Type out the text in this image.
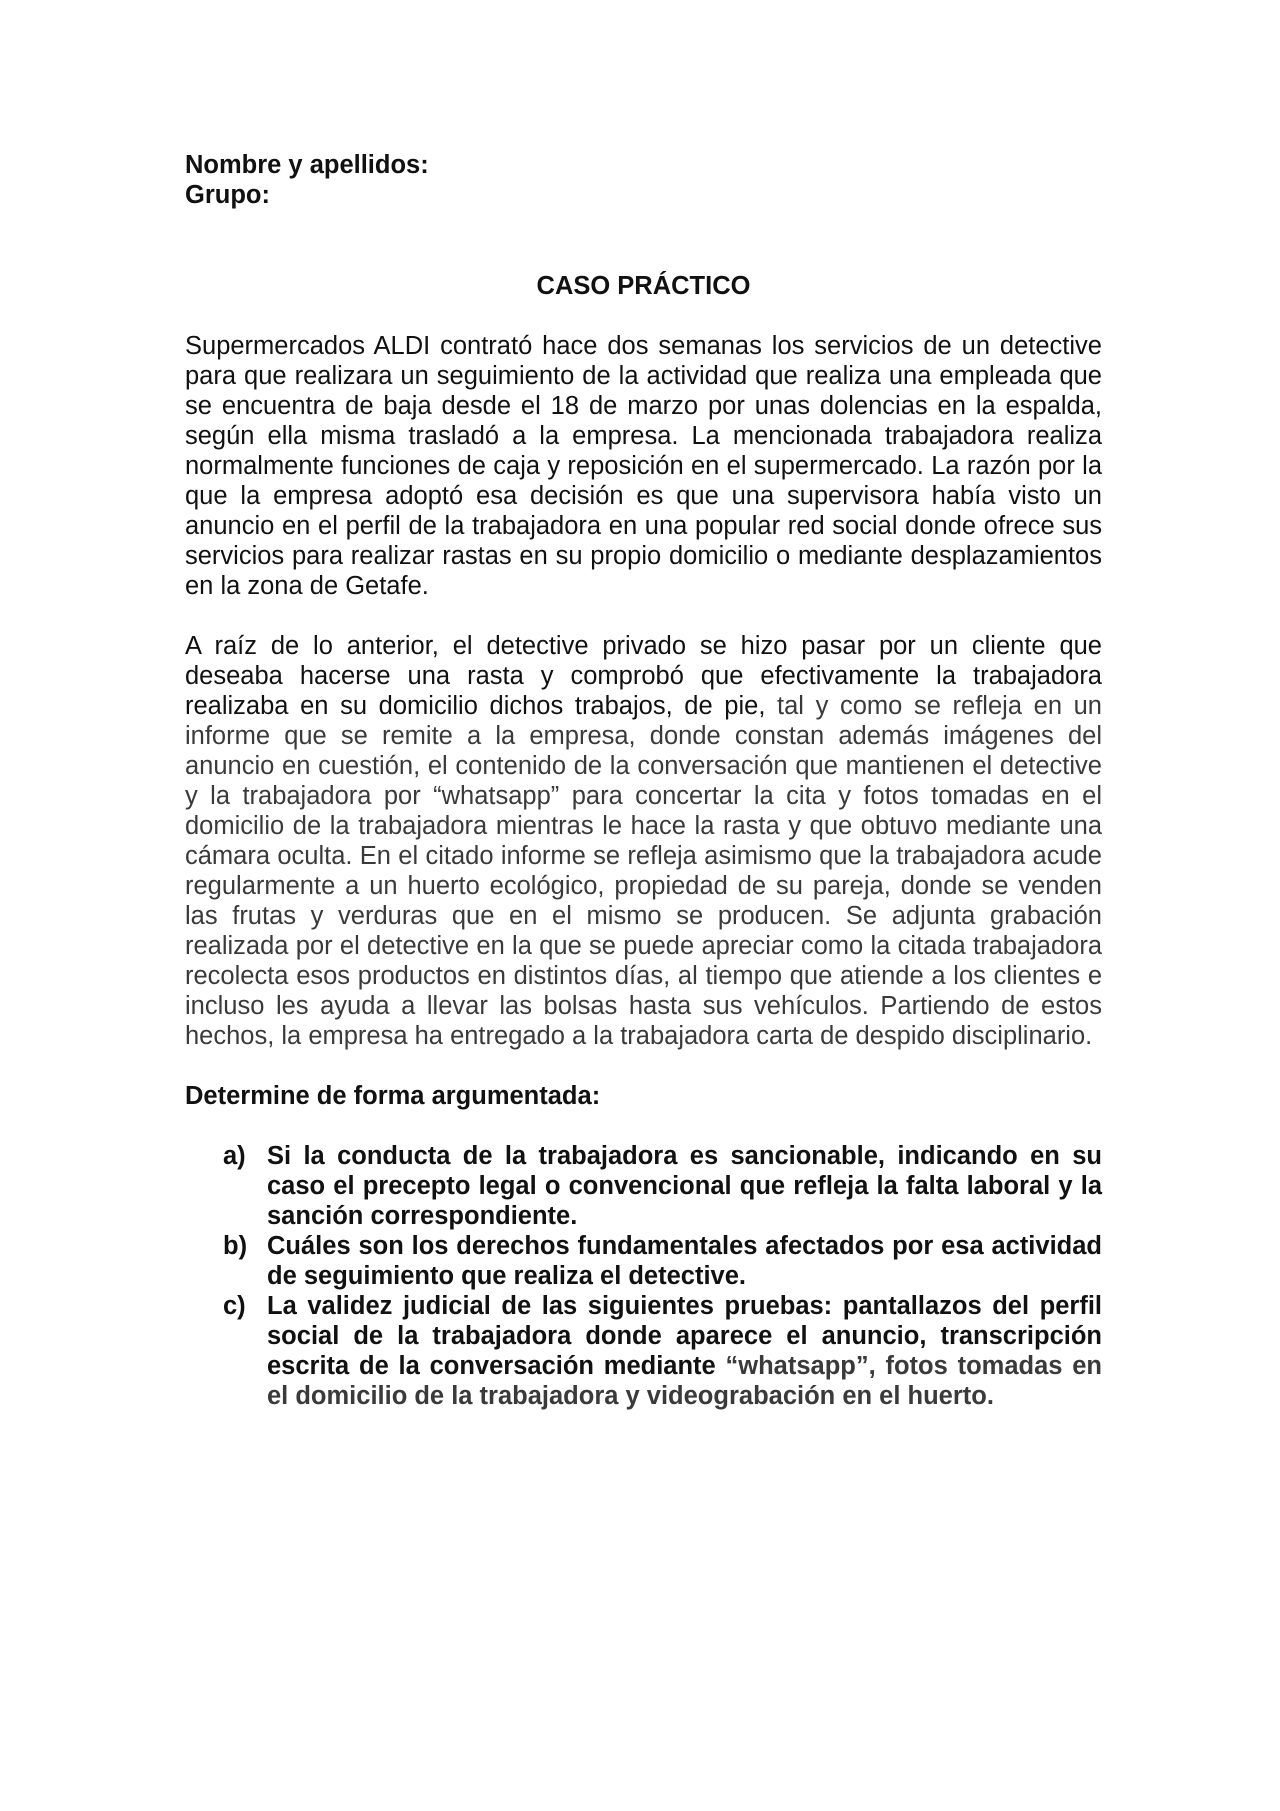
Nombre y apellidos:

Grupo:

CASO PRÁCTICO

Supermercados ALDI contrató hace dos semanas los servicios de un detective para que realizara un seguimiento de la actividad que realiza una empleada que se encuentra de baja desde el 18 de marzo por unas dolencias en la espalda, según ella misma trasladó a la empresa. La mencionada trabajadora realiza normalmente funciones de caja y reposición en el supermercado. La razón por la que la empresa adoptó esa decisión es que una supervisora había visto un anuncio en el perfil de la trabajadora en una popular red social donde ofrece sus servicios para realizar rastas en su propio domicilio o mediante desplazamientos en la zona de Getafe.

A raíz de lo anterior, el detective privado se hizo pasar por un cliente que deseaba hacerse una rasta y comprobó que efectivamente la trabajadora realizaba en su domicilio dichos trabajos, de pie, tal y como se refleja en un informe que se remite a la empresa, donde constan además imágenes del anuncio en cuestión, el contenido de la conversación que mantienen el detective y la trabajadora por “whatsapp” para concertar la cita y fotos tomadas en el domicilio de la trabajadora mientras le hace la rasta y que obtuvo mediante una cámara oculta. En el citado informe se refleja asimismo que la trabajadora acude regularmente a un huerto ecológico, propiedad de su pareja, donde se venden las frutas y verduras que en el mismo se producen. Se adjunta grabación realizada por el detective en la que se puede apreciar como la citada trabajadora recolecta esos productos en distintos días, al tiempo que atiende a los clientes e incluso les ayuda a llevar las bolsas hasta sus vehículos. Partiendo de estos hechos, la empresa ha entregado a la trabajadora carta de despido disciplinario.

Determine de forma argumentada:

a) Si la conducta de la trabajadora es sancionable, indicando en su caso el precepto legal o convencional que refleja la falta laboral y la sanción correspondiente.
b) Cuáles son los derechos fundamentales afectados por esa actividad de seguimiento que realiza el detective.
c) La validez judicial de las siguientes pruebas: pantallazos del perfil social de la trabajadora donde aparece el anuncio, transcripción escrita de la conversación mediante “whatsapp”, fotos tomadas en el domicilio de la trabajadora y videograbación en el huerto.
